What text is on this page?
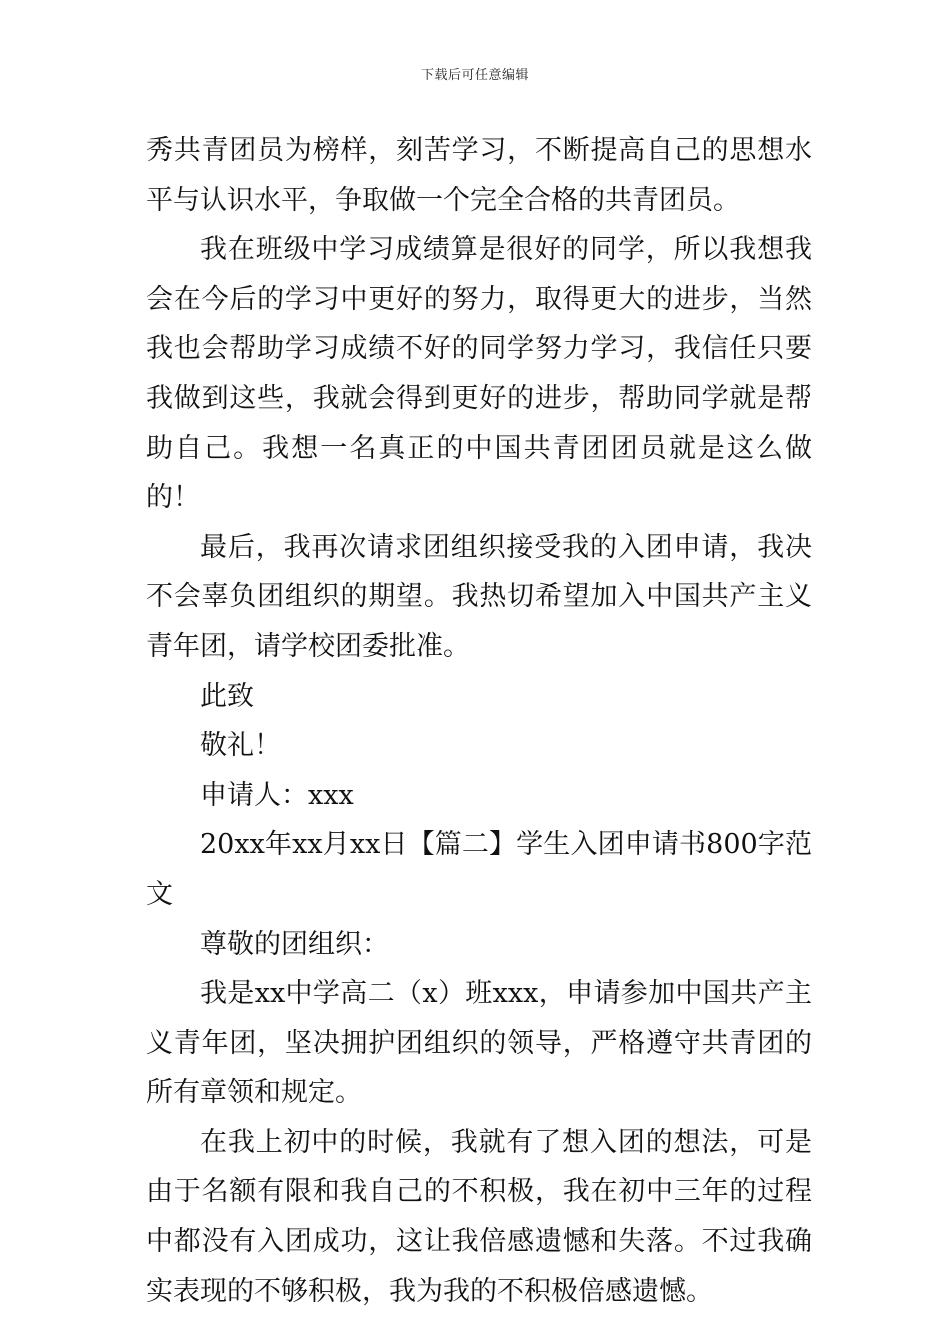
下载后可任意编辑

秀共青团员为榜样，刻苦学习，不断提高自己的思想水平与认识水平，争取做一个完全合格的共青团员。

我在班级中学习成绩算是很好的同学，所以我想我会在今后的学习中更好的努力，取得更大的进步，当然我也会帮助学习成绩不好的同学努力学习，我信任只要我做到这些，我就会得到更好的进步，帮助同学就是帮助自己。我想一名真正的中国共青团团员就是这么做的！

最后，我再次请求团组织接受我的入团申请，我决不会辜负团组织的期望。我热切希望加入中国共产主义青年团，请学校团委批准。

此致

敬礼！

申请人：xxx

20xx年xx月xx日【篇二】学生入团申请书800字范文

尊敬的团组织：

我是xx中学高二（x）班xxx，申请参加中国共产主义青年团，坚决拥护团组织的领导，严格遵守共青团的所有章领和规定。

在我上初中的时候，我就有了想入团的想法，可是由于名额有限和我自己的不积极，我在初中三年的过程中都没有入团成功，这让我倍感遗憾和失落。不过我确实表现的不够积极，我为我的不积极倍感遗憾。
